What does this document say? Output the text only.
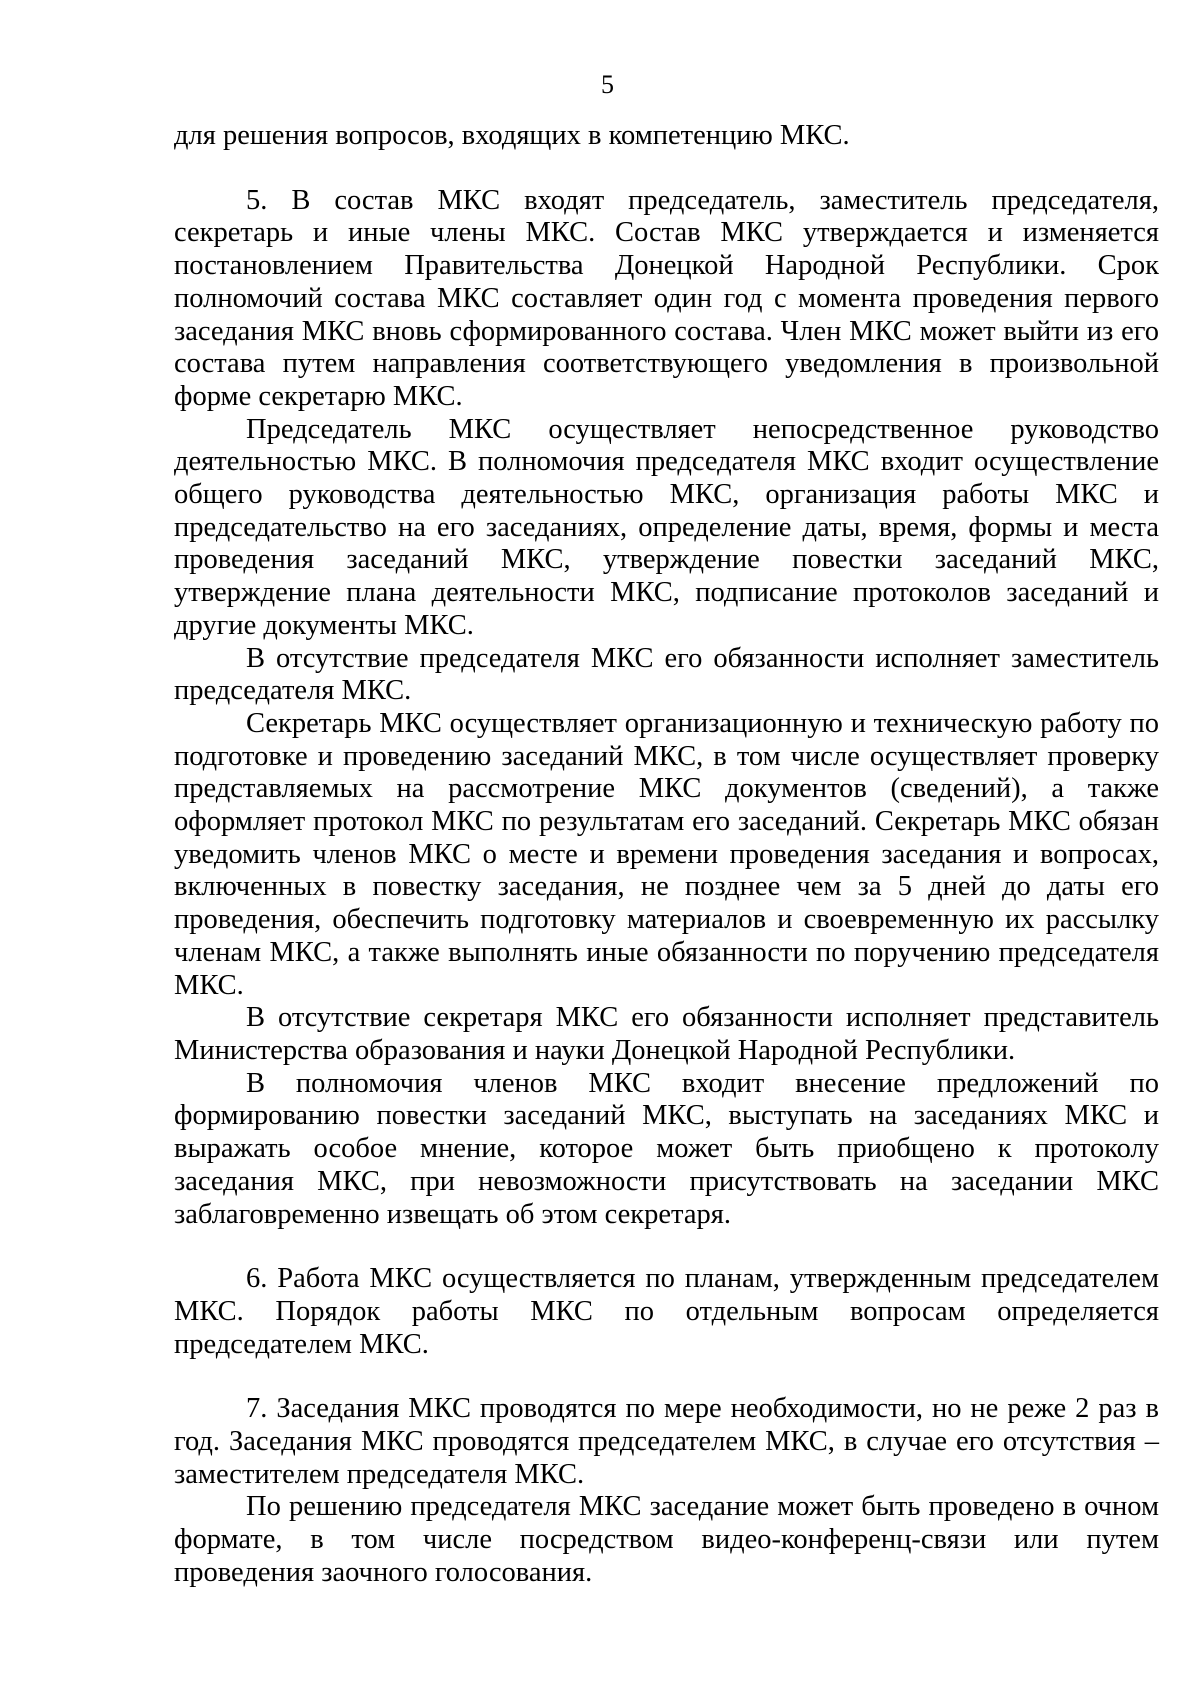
5

для решения вопросов, входящих в компетенцию МКС.

5. В состав МКС входят председатель, заместитель председателя, секретарь и иные члены МКС. Состав МКС утверждается и изменяется постановлением Правительства Донецкой Народной Республики. Срок полномочий состава МКС составляет один год с момента проведения первого заседания МКС вновь сформированного состава. Член МКС может выйти из его состава путем направления соответствующего уведомления в произвольной форме секретарю МКС.

Председатель МКС осуществляет непосредственное руководство деятельностью МКС. В полномочия председателя МКС входит осуществление общего руководства деятельностью МКС, организация работы МКС и председательство на его заседаниях, определение даты, время, формы и места проведения заседаний МКС, утверждение повестки заседаний МКС, утверждение плана деятельности МКС, подписание протоколов заседаний и другие документы МКС.

В отсутствие председателя МКС его обязанности исполняет заместитель председателя МКС.

Секретарь МКС осуществляет организационную и техническую работу по подготовке и проведению заседаний МКС, в том числе осуществляет проверку представляемых на рассмотрение МКС документов (сведений), а также оформляет протокол МКС по результатам его заседаний. Секретарь МКС обязан уведомить членов МКС о месте и времени проведения заседания и вопросах, включенных в повестку заседания, не позднее чем за 5 дней до даты его проведения, обеспечить подготовку материалов и своевременную их рассылку членам МКС, а также выполнять иные обязанности по поручению председателя МКС.

В отсутствие секретаря МКС его обязанности исполняет представитель Министерства образования и науки Донецкой Народной Республики.

В полномочия членов МКС входит внесение предложений по формированию повестки заседаний МКС, выступать на заседаниях МКС и выражать особое мнение, которое может быть приобщено к протоколу заседания МКС, при невозможности присутствовать на заседании МКС заблаговременно извещать об этом секретаря.

6. Работа МКС осуществляется по планам, утвержденным председателем МКС. Порядок работы МКС по отдельным вопросам определяется председателем МКС.

7. Заседания МКС проводятся по мере необходимости, но не реже 2 раз в год. Заседания МКС проводятся председателем МКС, в случае его отсутствия – заместителем председателя МКС.

По решению председателя МКС заседание может быть проведено в очном формате, в том числе посредством видео-конференц-связи или путем проведения заочного голосования.
